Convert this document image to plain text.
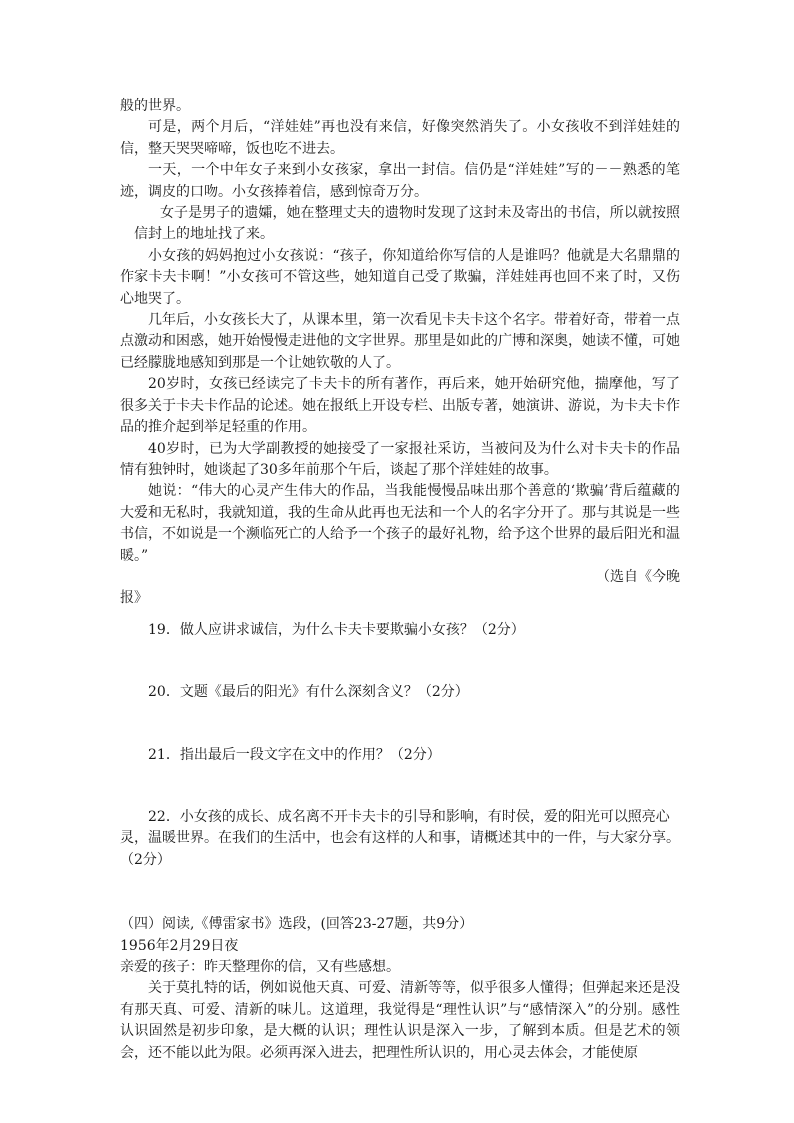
般的世界。

可是，两个月后，“洋娃娃”再也没有来信，好像突然消失了。小女孩收不到洋娃娃的信，整天哭哭啼啼，饭也吃不进去。

一天，一个中年女子来到小女孩家，拿出一封信。信仍是“洋娃娃”写的－－熟悉的笔迹，调皮的口吻。小女孩捧着信，感到惊奇万分。

女子是男子的遗孀，她在整理丈夫的遗物时发现了这封未及寄出的书信，所以就按照信封上的地址找了来。

小女孩的妈妈抱过小女孩说：“孩子，你知道给你写信的人是谁吗？他就是大名鼎鼎的作家卡夫卡啊！”小女孩可不管这些，她知道自己受了欺骗，洋娃娃再也回不来了时，又伤心地哭了。

几年后，小女孩长大了，从课本里，第一次看见卡夫卡这个名字。带着好奇，带着一点点激动和困惑，她开始慢慢走进他的文字世界。那里是如此的广博和深奥，她读不懂，可她已经朦胧地感知到那是一个让她钦敬的人了。

20岁时，女孩已经读完了卡夫卡的所有著作，再后来，她开始研究他，揣摩他，写了很多关于卡夫卡作品的论述。她在报纸上开设专栏、出版专著，她演讲、游说，为卡夫卡作品的推介起到举足轻重的作用。

40岁时，已为大学副教授的她接受了一家报社采访，当被问及为什么对卡夫卡的作品情有独钟时，她谈起了30多年前那个午后，谈起了那个洋娃娃的故事。

她说：“伟大的心灵产生伟大的作品，当我能慢慢品味出那个善意的‘欺骗’背后蕴藏的大爱和无私时，我就知道，我的生命从此再也无法和一个人的名字分开了。那与其说是一些书信，不如说是一个濒临死亡的人给予一个孩子的最好礼物，给予这个世界的最后阳光和温暖。”

（选自《今晚

报》

19．做人应讲求诚信，为什么卡夫卡要欺骗小女孩？（2分）

20．文题《最后的阳光》有什么深刻含义？（2分）

21．指出最后一段文字在文中的作用？（2分）

22．小女孩的成长、成名离不开卡夫卡的引导和影响，有时侯，爱的阳光可以照亮心灵，温暖世界。在我们的生活中，也会有这样的人和事，请概述其中的一件，与大家分享。（2分）

（四）阅读,《傅雷家书》选段，(回答23-27题，共9分）

1956年2月29日夜

亲爱的孩子：昨天整理你的信，又有些感想。

关于莫扎特的话，例如说他天真、可爱、清新等等，似乎很多人懂得；但弹起来还是没有那天真、可爱、清新的味儿。这道理，我觉得是“理性认识”与“感情深入”的分别。感性认识固然是初步印象，是大概的认识；理性认识是深入一步，了解到本质。但是艺术的领会，还不能以此为限。必须再深入进去，把理性所认识的，用心灵去体会，才能使原
